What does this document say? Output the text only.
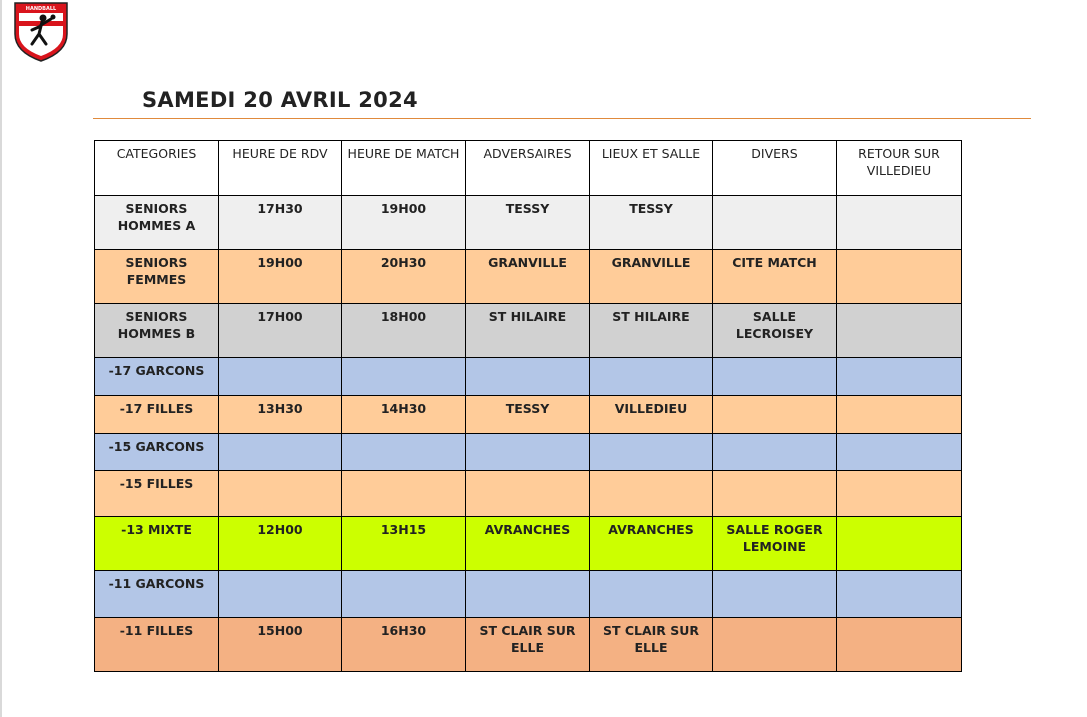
HANDBALL
SAMEDI 20 AVRIL 2024
CATEGORIES	HEURE DE RDV	HEURE DE MATCH	ADVERSAIRES	LIEUX ET SALLE	DIVERS	RETOUR SUR VILLEDIEU
SENIORS HOMMES A	17H30	19H00	TESSY	TESSY		
SENIORS FEMMES	19H00	20H30	GRANVILLE	GRANVILLE	CITE MATCH	
SENIORS HOMMES B	17H00	18H00	ST HILAIRE	ST HILAIRE	SALLE LECROISEY	
-17 GARCONS						
-17 FILLES	13H30	14H30	TESSY	VILLEDIEU		
-15 GARCONS						
-15 FILLES						
-13 MIXTE	12H00	13H15	AVRANCHES	AVRANCHES	SALLE ROGER LEMOINE	
-11 GARCONS						
-11 FILLES	15H00	16H30	ST CLAIR SUR ELLE	ST CLAIR SUR ELLE		
